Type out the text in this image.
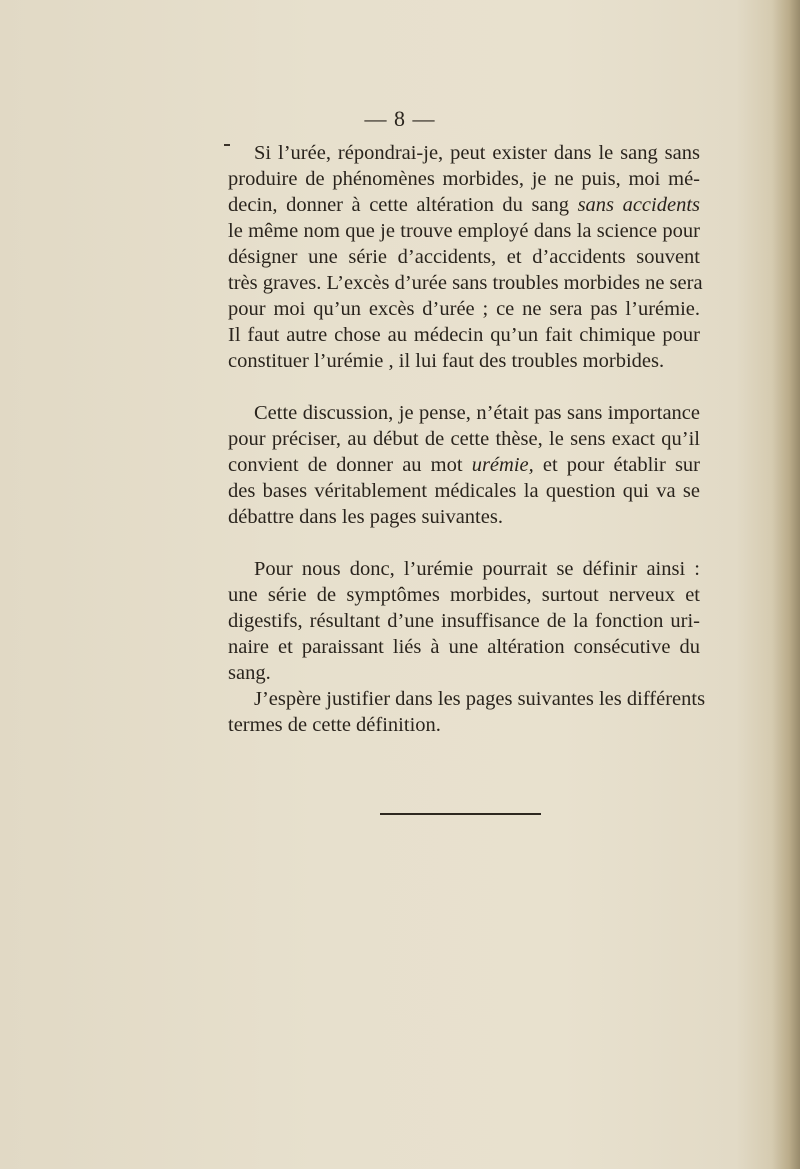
— 8 —
Si l’urée, répondrai-je, peut exister dans le sang sans
produire de phénomènes morbides, je ne puis, moi mé-
decin, donner à cette altération du sang sans accidents
le même nom que je trouve employé dans la science pour
désigner une série d’accidents, et d’accidents souvent
très graves. L’excès d’urée sans troubles morbides ne sera
pour moi qu’un excès d’urée ; ce ne sera pas l’urémie.
Il faut autre chose au médecin qu’un fait chimique pour
constituer l’urémie , il lui faut des troubles morbides.
Cette discussion, je pense, n’était pas sans importance
pour préciser, au début de cette thèse, le sens exact qu’il
convient de donner au mot urémie, et pour établir sur
des bases véritablement médicales la question qui va se
débattre dans les pages suivantes.
Pour nous donc, l’urémie pourrait se définir ainsi :
une série de symptômes morbides, surtout nerveux et
digestifs, résultant d’une insuffisance de la fonction uri-
naire et paraissant liés à une altération consécutive du
sang.
J’espère justifier dans les pages suivantes les différents
termes de cette définition.
